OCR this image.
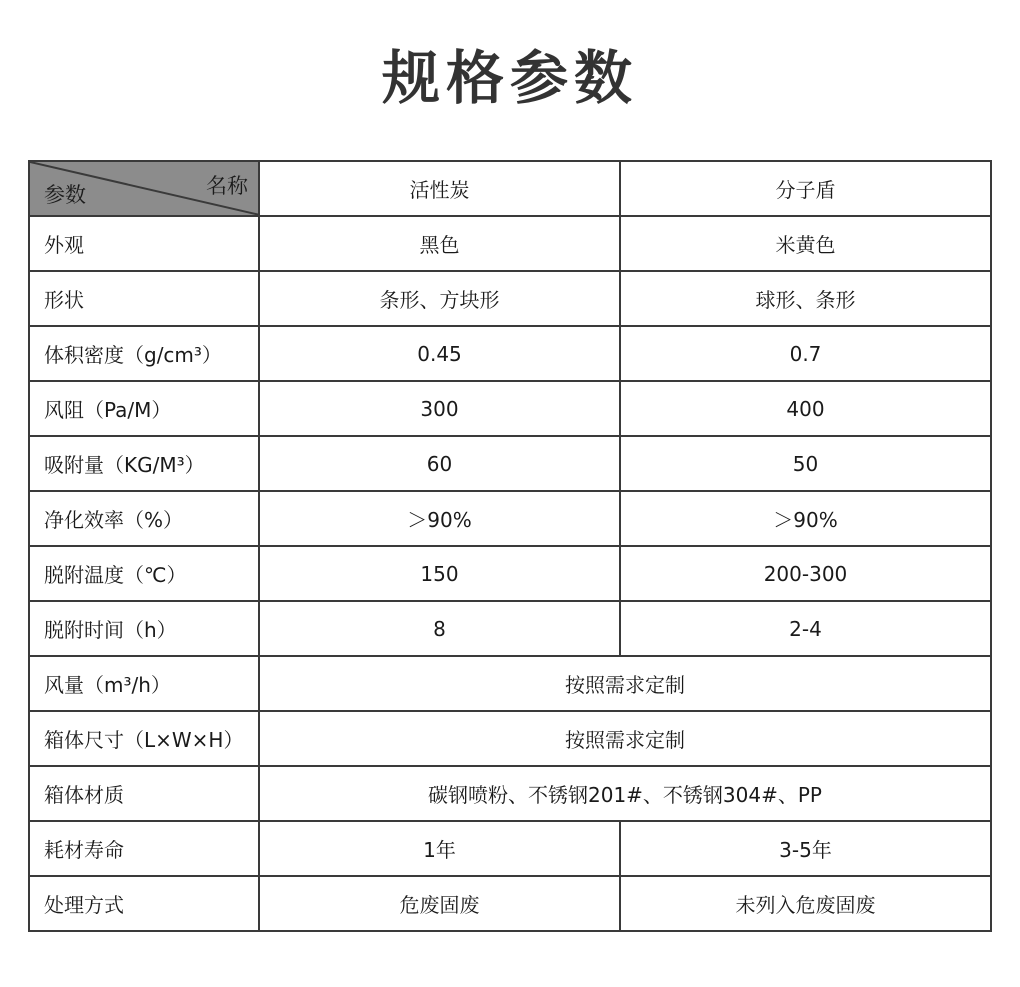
规格参数
名称
参数	活性炭	分子盾
外观	黑色	米黄色
形状	条形、方块形	球形、条形
体积密度（g/cm³）	0.45	0.7
风阻（Pa/M）	300	400
吸附量（KG/M³）	60	50
净化效率（%）	＞90%	＞90%
脱附温度（℃）	150	200-300
脱附时间（h）	8	2-4
风量（m³/h）	按照需求定制	
箱体尺寸（L×W×H）	按照需求定制	
箱体材质	碳钢喷粉、不锈钢201#、不锈钢304#、PP	
耗材寿命	1年	3-5年
处理方式	危废固废	未列入危废固废
